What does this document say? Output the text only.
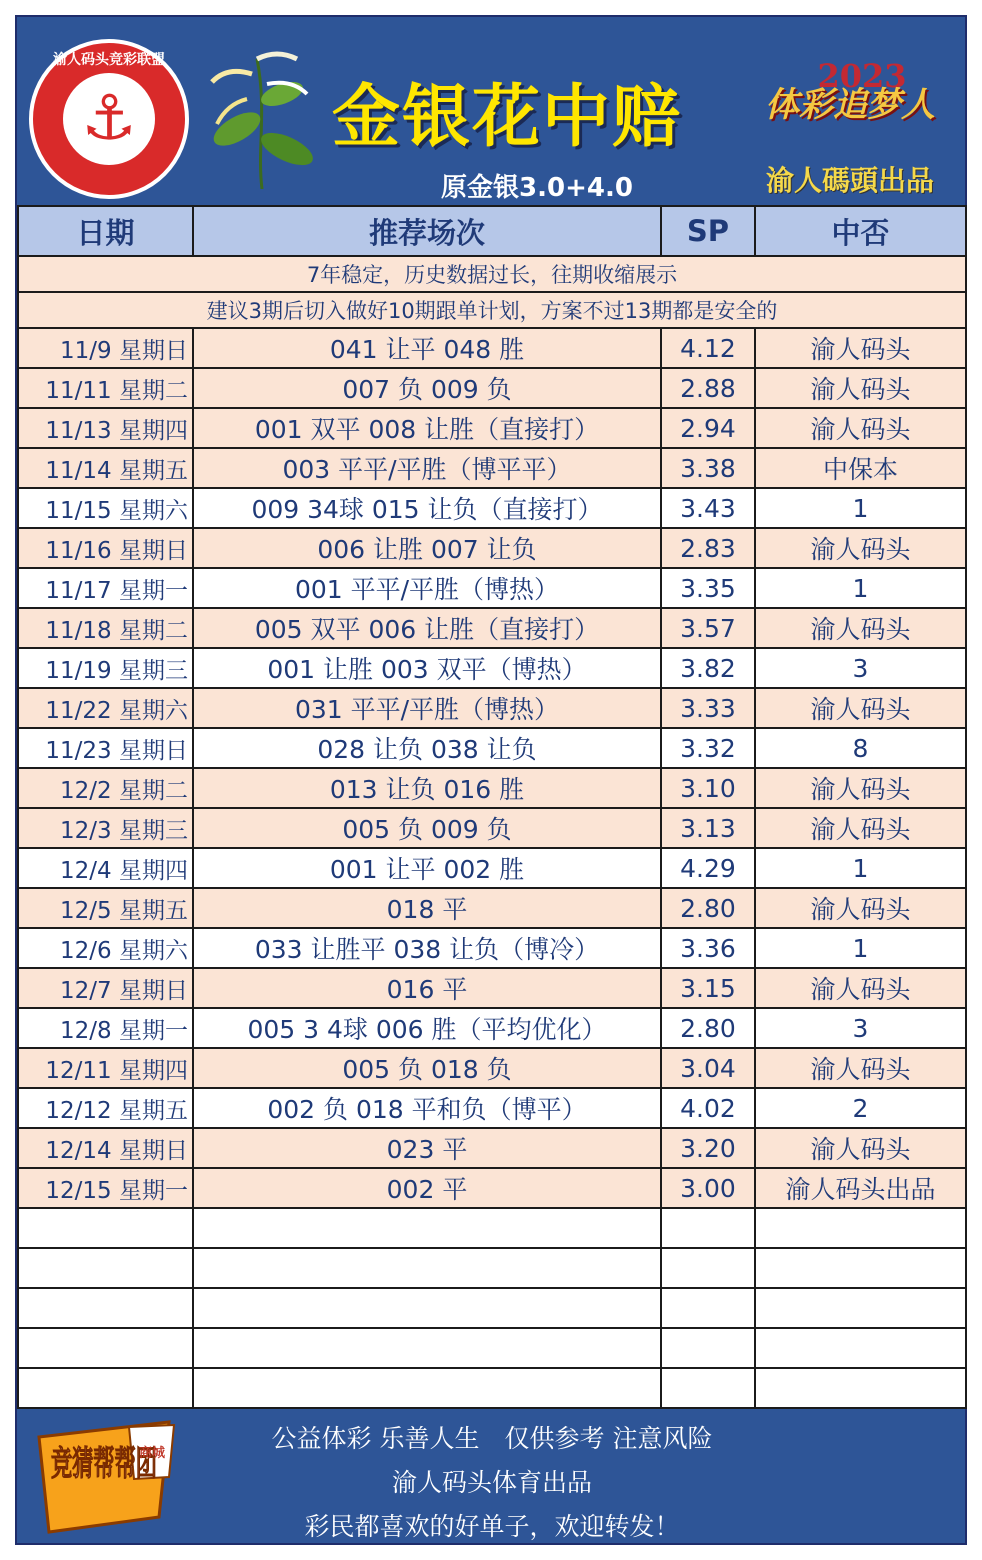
渝人码头竞彩联盟
⚓	金银花中赔
原金银3.0+4.0
2023
体彩追梦人
渝人碼頭出品
日期	推荐场次	SP	中否
7年稳定，历史数据过长，往期收缩展示			
建议3期后切入做好10期跟单计划，方案不过13期都是安全的			
11/9 星期日	041 让平 048 胜	4.12	渝人码头
11/11 星期二	007 负 009 负	2.88	渝人码头
11/13 星期四	001 双平 008 让胜（直接打）	2.94	渝人码头
11/14 星期五	003 平平/平胜（博平平）	3.38	中保本
11/15 星期六	009 34球 015 让负（直接打）	3.43	1
11/16 星期日	006 让胜 007 让负	2.83	渝人码头
11/17 星期一	001 平平/平胜（博热）	3.35	1
11/18 星期二	005 双平 006 让胜（直接打）	3.57	渝人码头
11/19 星期三	001 让胜 003 双平（博热）	3.82	3
11/22 星期六	031 平平/平胜（博热）	3.33	渝人码头
11/23 星期日	028 让负 038 让负	3.32	8
12/2 星期二	013 让负 016 胜	3.10	渝人码头
12/3 星期三	005 负 009 负	3.13	渝人码头
12/4 星期四	001 让平 002 胜	4.29	1
12/5 星期五	018 平	2.80	渝人码头
12/6 星期六	033 让胜平 038 让负（博冷）	3.36	1
12/7 星期日	016 平	3.15	渝人码头
12/8 星期一	005 3 4球 006 胜（平均优化）	2.80	3
12/11 星期四	005 负 018 负	3.04	渝人码头
12/12 星期五	002 负 018 平和负（博平）	4.02	2
12/14 星期日	023 平	3.20	渝人码头
12/15 星期一	002 平	3.00	渝人码头出品

竞猜帮帮团
商城
公益体彩 乐善人生　仅供参考 注意风险
渝人码头体育出品
彩民都喜欢的好单子，欢迎转发！
